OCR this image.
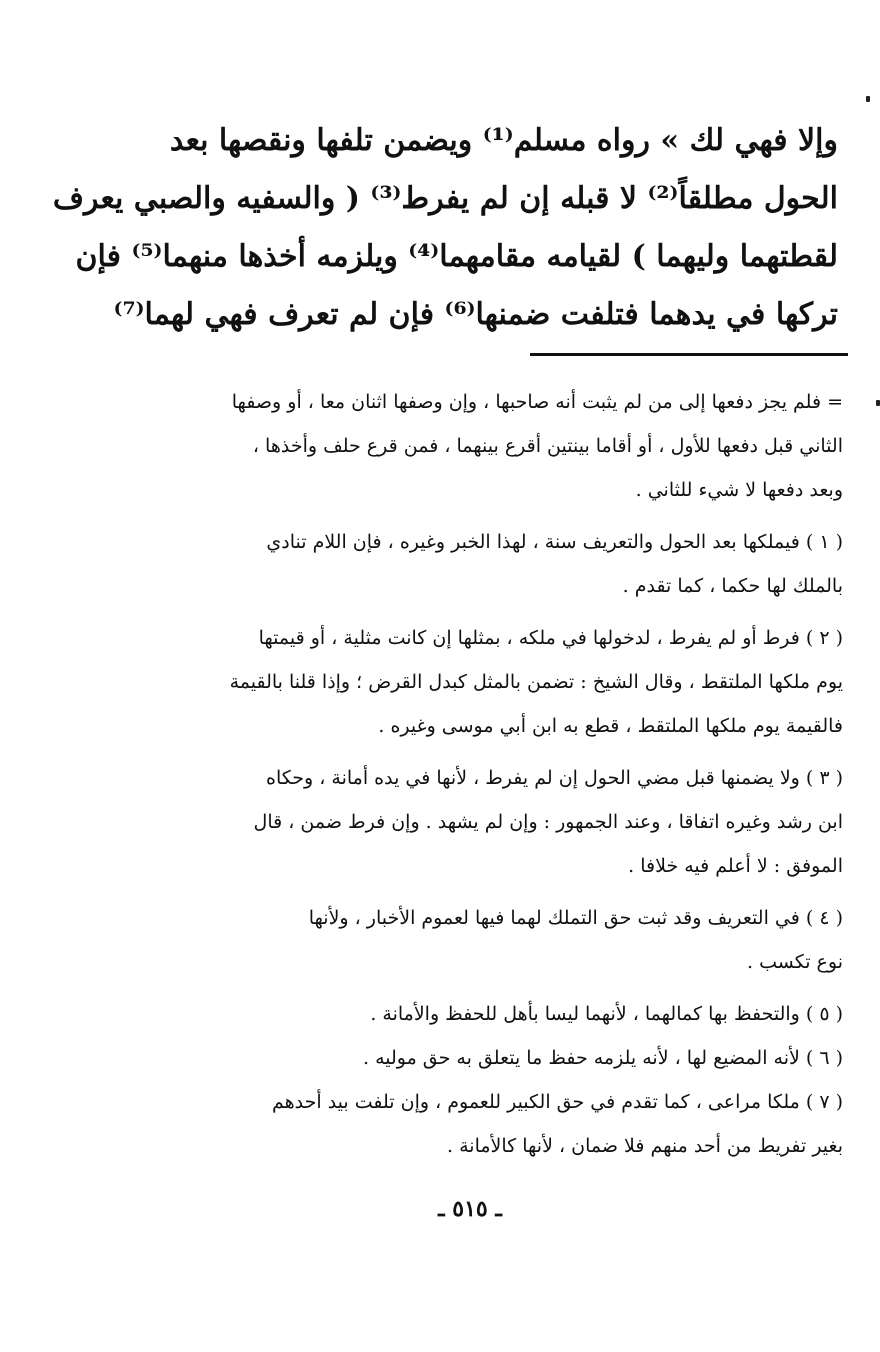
وإلا فهي لك » رواه مسلم⁽¹⁾ ويضمن تلفها ونقصها بعد
الحول مطلقاً⁽²⁾ لا قبله إن لم يفرط⁽³⁾ ( والسفيه والصبي يعرف
لقطتهما وليهما ) لقيامه مقامهما⁽⁴⁾ ويلزمه أخذها منهما⁽⁵⁾ فإن
تركها في يدهما فتلفت ضمنها⁽⁶⁾ فإن لم تعرف فهي لهما⁽⁷⁾
= فلم يجز دفعها إلى من لم يثبت أنه صاحبها ، وإن وصفها اثنان معا ، أو وصفها
الثاني قبل دفعها للأول ، أو أقاما بينتين أقرع بينهما ، فمن قرع حلف وأخذها ،
وبعد دفعها لا شيء للثاني .
( ١ ) فيملكها بعد الحول والتعريف سنة ، لهذا الخبر وغيره ، فإن اللام تنادي
بالملك لها حكما ، كما تقدم .
( ٢ ) فرط أو لم يفرط ، لدخولها في ملكه ، بمثلها إن كانت مثلية ، أو قيمتها
يوم ملكها الملتقط ، وقال الشيخ : تضمن بالمثل كبدل القرض ؛ وإذا قلنا بالقيمة
فالقيمة يوم ملكها الملتقط ، قطع به ابن أبي موسى وغيره .
( ٣ ) ولا يضمنها قبل مضي الحول إن لم يفرط ، لأنها في يده أمانة ، وحكاه
ابن رشد وغيره اتفاقا ، وعند الجمهور : وإن لم يشهد . وإن فرط ضمن ، قال
الموفق : لا أعلم فيه خلافا .
( ٤ ) في التعريف وقد ثبت حق التملك لهما فيها لعموم الأخبار ، ولأنها
نوع تكسب .
( ٥ ) والتحفظ بها كمالهما ، لأنهما ليسا بأهل للحفظ والأمانة .
( ٦ ) لأنه المضيع لها ، لأنه يلزمه حفظ ما يتعلق به حق موليه .
( ٧ ) ملكا مراعى ، كما تقدم في حق الكبير للعموم ، وإن تلفت بيد أحدهم
بغير تفريط من أحد منهم فلا ضمان ، لأنها كالأمانة .
ـ ٥١٥ ـ
